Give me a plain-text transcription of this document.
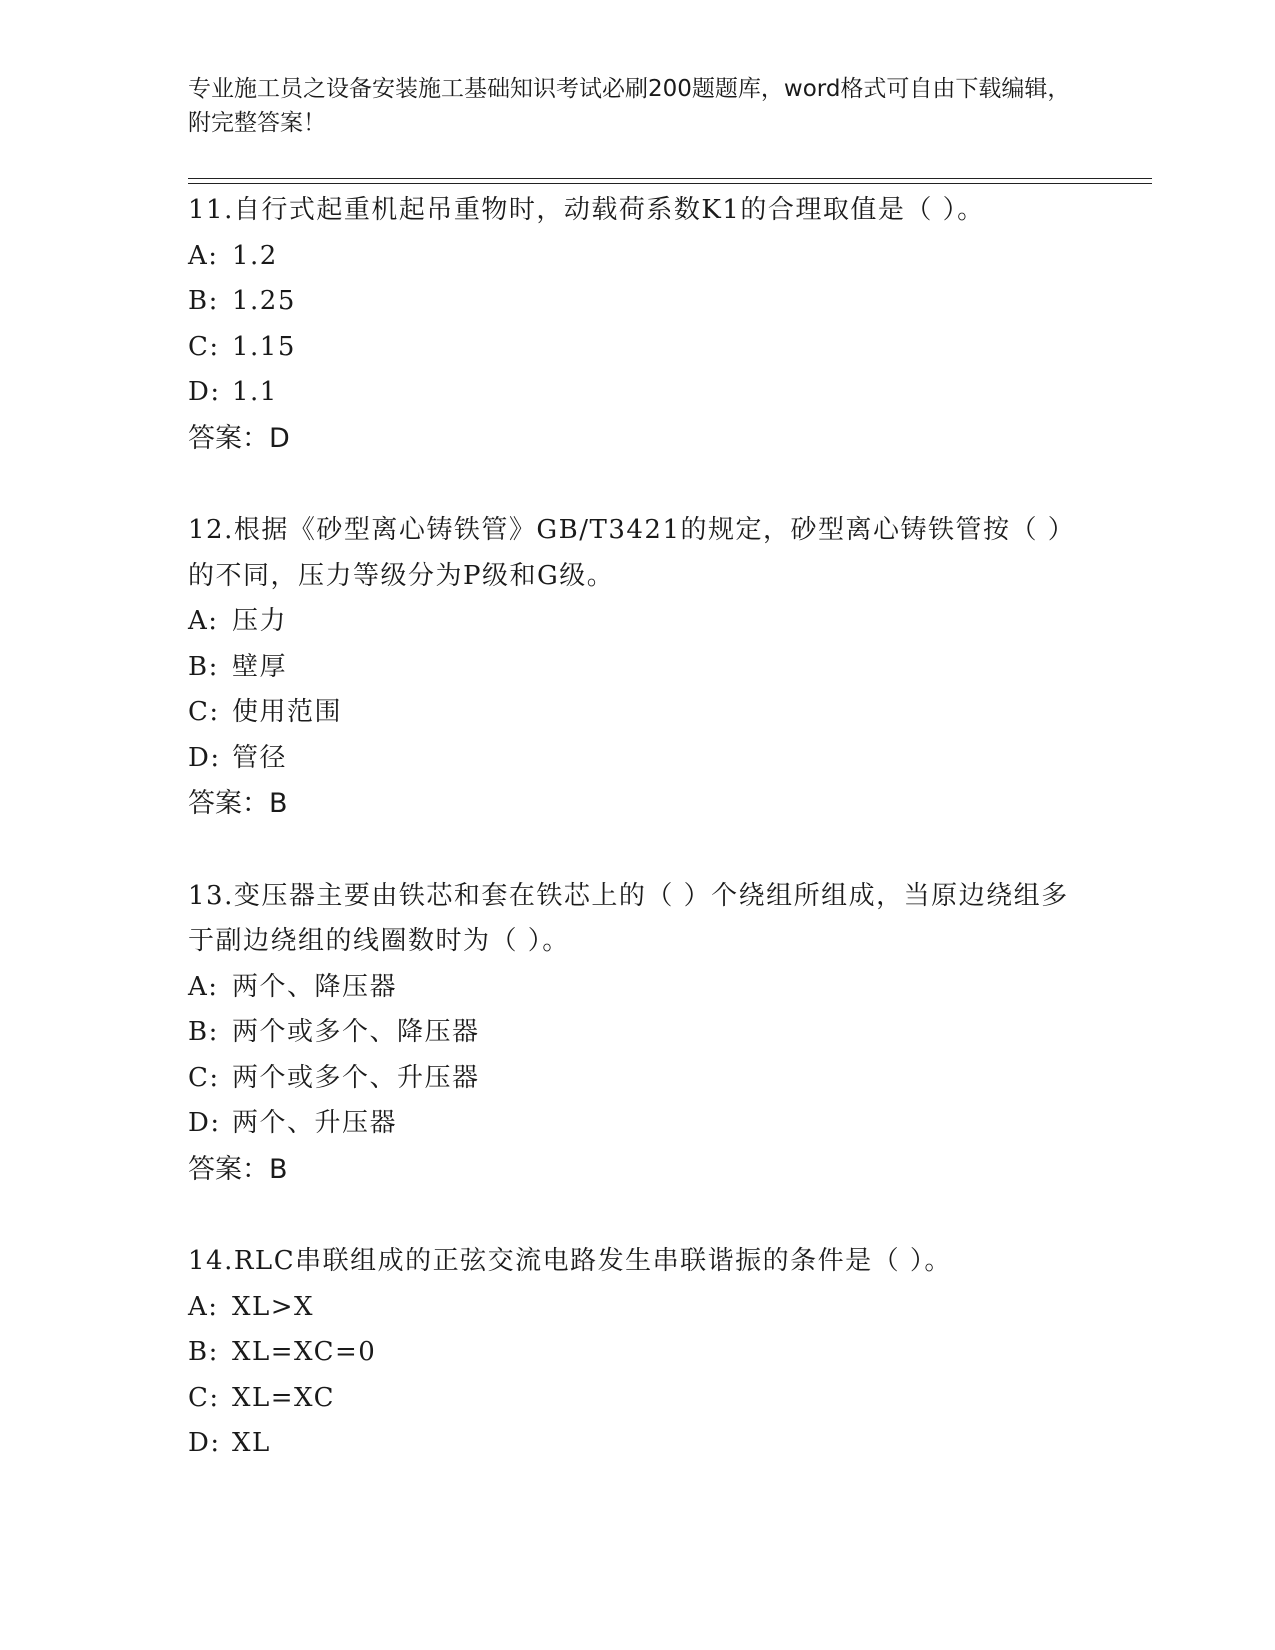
专业施工员之设备安装施工基础知识考试必刷200题题库，word格式可自由下载编辑，附完整答案！

11.自行式起重机起吊重物时，动载荷系数K1的合理取值是（ ）。

A: 1.2

B: 1.25

C: 1.15

D: 1.1

答案：D

12.根据《砂型离心铸铁管》GB/T3421的规定，砂型离心铸铁管按（ ）的不同，压力等级分为P级和G级。

A: 压力

B: 壁厚

C: 使用范围

D: 管径

答案：B

13.变压器主要由铁芯和套在铁芯上的（ ）个绕组所组成，当原边绕组多于副边绕组的线圈数时为（ ）。

A: 两个、降压器

B: 两个或多个、降压器

C: 两个或多个、升压器

D: 两个、升压器

答案：B

14.RLC串联组成的正弦交流电路发生串联谐振的条件是（ ）。

A: XL>X

B: XL=XC=0

C: XL=XC

D: XL
